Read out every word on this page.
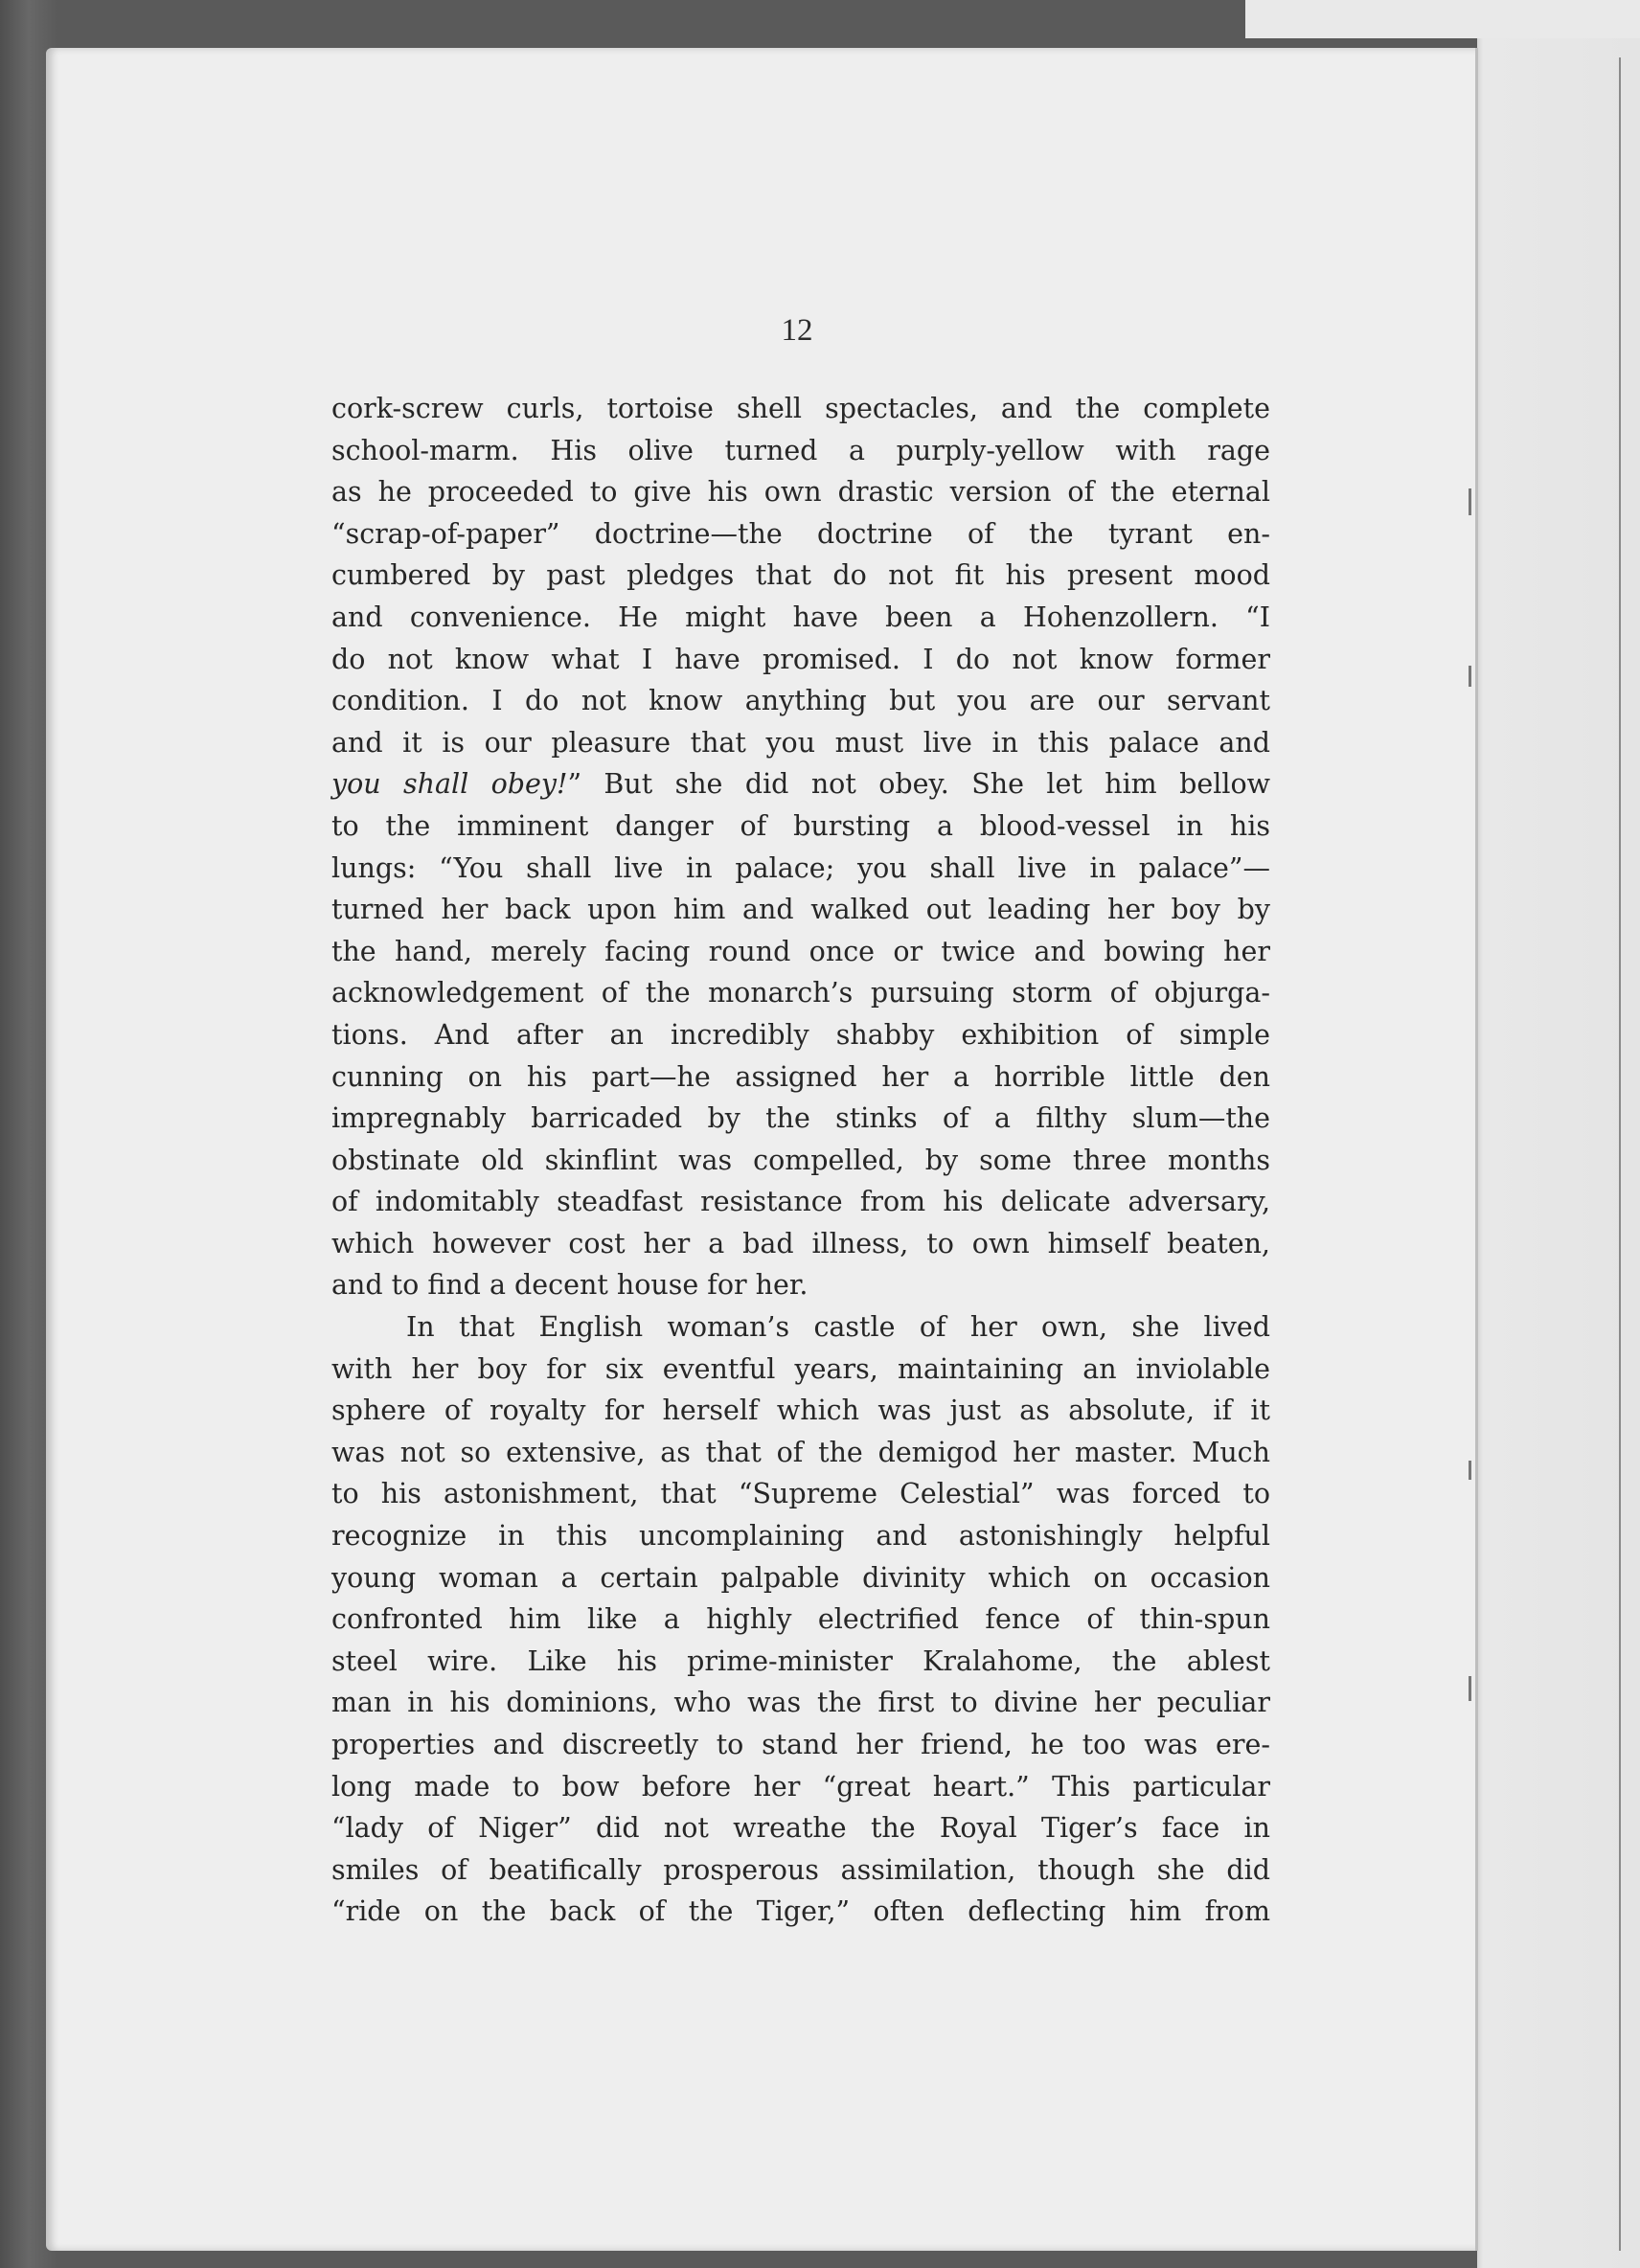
12
cork-screw curls, tortoise shell spectacles, and the complete
school-marm. His olive turned a purply-yellow with rage
as he proceeded to give his own drastic version of the eternal
“scrap-of-paper” doctrine—the doctrine of the tyrant en-
cumbered by past pledges that do not fit his present mood
and convenience. He might have been a Hohenzollern. “I
do not know what I have promised. I do not know former
condition. I do not know anything but you are our servant
and it is our pleasure that you must live in this palace and
you shall obey!” But she did not obey. She let him bellow
to the imminent danger of bursting a blood-vessel in his
lungs: “You shall live in palace; you shall live in palace”—
turned her back upon him and walked out leading her boy by
the hand, merely facing round once or twice and bowing her
acknowledgement of the monarch’s pursuing storm of objurga-
tions. And after an incredibly shabby exhibition of simple
cunning on his part—he assigned her a horrible little den
impregnably barricaded by the stinks of a filthy slum—the
obstinate old skinflint was compelled, by some three months
of indomitably steadfast resistance from his delicate adversary,
which however cost her a bad illness, to own himself beaten,
and to find a decent house for her.
In that English woman’s castle of her own, she lived
with her boy for six eventful years, maintaining an inviolable
sphere of royalty for herself which was just as absolute, if it
was not so extensive, as that of the demigod her master. Much
to his astonishment, that “Supreme Celestial” was forced to
recognize in this uncomplaining and astonishingly helpful
young woman a certain palpable divinity which on occasion
confronted him like a highly electrified fence of thin-spun
steel wire. Like his prime-minister Kralahome, the ablest
man in his dominions, who was the first to divine her peculiar
properties and discreetly to stand her friend, he too was ere-
long made to bow before her “great heart.” This particular
“lady of Niger” did not wreathe the Royal Tiger’s face in
smiles of beatifically prosperous assimilation, though she did
“ride on the back of the Tiger,” often deflecting him from
